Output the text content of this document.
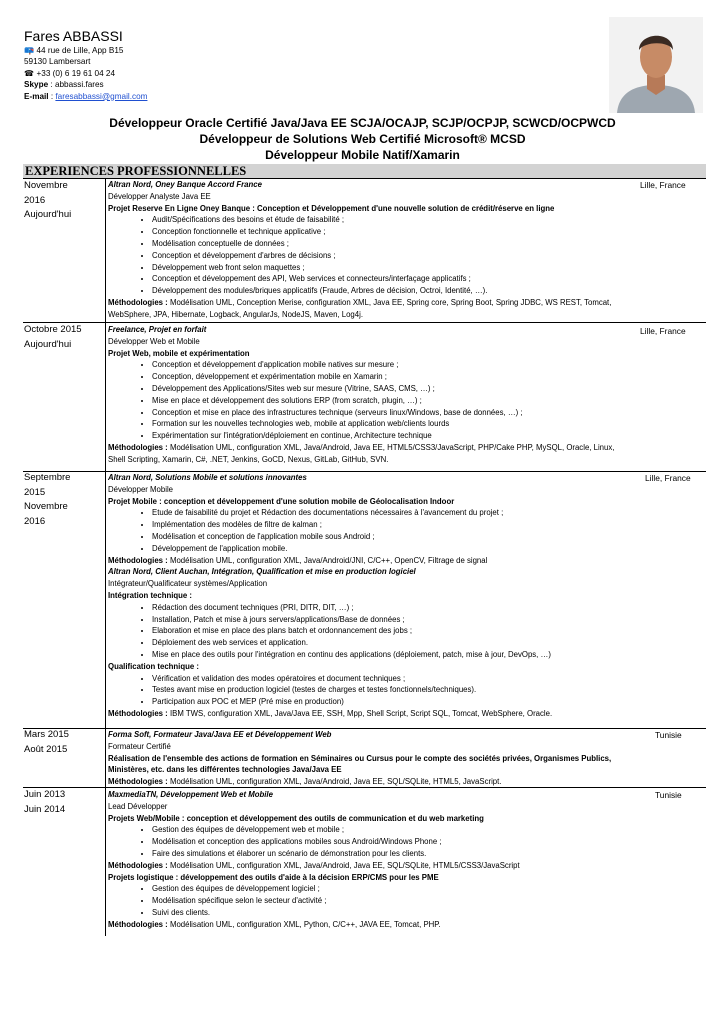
Fares ABBASSI
📪 44 rue de Lille, App B15
59130 Lambersart
☎ +33 (0) 6 19 61 04 24
Skype : abbassi.fares
E-mail : faresabbassi@gmail.com
Développeur Oracle Certifié Java/Java EE SCJA/OCAJP, SCJP/OCPJP, SCWCD/OCPWCD
Développeur de Solutions Web Certifié Microsoft® MCSD
Développeur Mobile Natif/Xamarin
EXPERIENCES PROFESSIONNELLES
Novembre
2016
Aujourd'hui
Lille, France
Altran Nord, Oney Banque Accord France
Développer Analyste Java EE
Projet Reserve En Ligne Oney Banque : Conception et Développement d'une nouvelle solution de crédit/réserve en ligne
• Audit/Spécifications des besoins et étude de faisabilité ;
• Conception fonctionnelle et technique applicative ;
• Modélisation conceptuelle de données ;
• Conception et développement d'arbres de décisions ;
• Développement web front selon maquettes ;
• Conception et développement des API, Web services et connecteurs/interfaçage applicatifs ;
• Développement des modules/briques applicatifs (Fraude, Arbres de décision, Octroi, Identité, …).
Méthodologies : Modélisation UML, Conception Merise, configuration XML, Java EE, Spring core, Spring Boot, Spring JDBC, WS REST, Tomcat, WebSphere, JPA, Hibernate, Logback, AngularJs, NodeJS, Maven, Log4j.
Octobre 2015
Aujourd'hui
Lille, France
Freelance, Projet en forfait
Développer Web et Mobile
Projet Web, mobile et expérimentation
• Conception et développement d'application mobile natives sur mesure ;
• Conception, développement et expérimentation mobile en Xamarin ;
• Développement des Applications/Sites web sur mesure (Vitrine, SAAS, CMS, …) ;
• Mise en place et développement des solutions ERP (from scratch, plugin, …) ;
• Conception et mise en place des infrastructures technique (serveurs linux/Windows, base de données, …) ;
• Formation sur les nouvelles technologies web, mobile at application web/clients lourds
• Expérimentation sur l'intégration/déploiement en continue, Architecture technique
Méthodologies : Modélisation UML, configuration XML, Java/Android, Java EE, HTML5/CSS3/JavaScript, PHP/Cake PHP, MySQL, Oracle, Linux, Shell Scripting, Xamarin, C#, .NET, Jenkins, GoCD, Nexus, GitLab, GitHub, SVN.
Septembre
2015
Novembre
2016
Lille, France
Altran Nord, Solutions Mobile et solutions innovantes
Développer Mobile
Projet Mobile : conception et développement d'une solution mobile de Géolocalisation Indoor
• Etude de faisabilité du projet et Rédaction des documentations nécessaires à l'avancement du projet ;
• Implémentation des modèles de filtre de kalman ;
• Modélisation et conception de l'application mobile sous Android ;
• Développement de l'application mobile.
Méthodologies : Modélisation UML, configuration XML, Java/Android/JNI, C/C++, OpenCV, Filtrage de signal
Altran Nord, Client Auchan, Intégration, Qualification et mise en production logiciel
Intégrateur/Qualificateur systèmes/Application
Intégration technique :
• Rédaction des document techniques (PRI, DITR, DIT, …) ;
• Installation, Patch et mise à jours servers/applications/Base de données ;
• Elaboration et mise en place des plans batch et ordonnancement des jobs ;
• Déploiement des web services et application.
• Mise en place des outils pour l'intégration en continu des applications (déploiement, patch, mise à jour, DevOps, …)
Qualification technique :
• Vérification et validation des modes opératoires et document techniques ;
• Testes avant mise en production logiciel (testes de charges et testes fonctionnels/techniques).
• Participation aux POC et MEP (Pré mise en production)
Méthodologies : IBM TWS, configuration XML, Java/Java EE, SSH, Mpp, Shell Script, Script SQL, Tomcat, WebSphere, Oracle.
Mars 2015
Août 2015
Tunisie
Forma Soft, Formateur Java/Java EE et Développement Web
Formateur Certifié
Réalisation de l'ensemble des actions de formation en Séminaires ou Cursus pour le compte des sociétés privées, Organismes Publics, Ministères, etc. dans les différentes technologies Java/Java EE
Méthodologies : Modélisation UML, configuration XML, Java/Android, Java EE, SQL/SQLite, HTML5, JavaScript.
Juin 2013
Juin 2014
Tunisie
MaxmediaTN, Développement Web et Mobile
Lead Développer
Projets Web/Mobile : conception et développement des outils de communication et du web marketing
• Gestion des équipes de développement web et mobile ;
• Modélisation et conception des applications mobiles sous Android/Windows Phone ;
• Faire des simulations et élaborer un scénario de démonstration pour les clients.
Méthodologies : Modélisation UML, configuration XML, Java/Android, Java EE, SQL/SQLite, HTML5/CSS3/JavaScript
Projets logistique : développement des outils d'aide à la décision ERP/CMS pour les PME
• Gestion des équipes de développement logiciel ;
• Modélisation spécifique selon le secteur d'activité ;
• Suivi des clients.
Méthodologies : Modélisation UML, configuration XML, Python, C/C++, JAVA EE, Tomcat, PHP.
